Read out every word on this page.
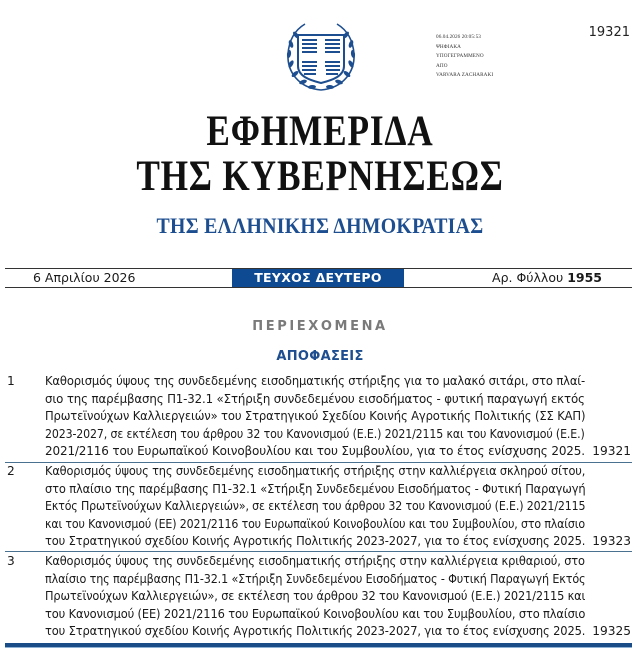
06.04.2026 20:05:53
ΨΗΦΙΑΚΑ
ΥΠΟΓΕΓΡΑΜΜΕΝΟ
ΑΠΟ
VARVARA ZACHARAKI
19321
ΕΦΗΜΕΡΙΔΑ
ΤΗΣ ΚΥΒΕΡΝΗΣΕΩΣ
ΤΗΣ ΕΛΛΗΝΙΚΗΣ ΔΗΜΟΚΡΑΤΙΑΣ
6 Απριλίου 2026	ΤΕΥΧΟΣ ΔΕΥΤΕΡΟ	Αρ. Φύλλου 1955
ΠΕΡΙΕΧΟΜΕΝΑ
ΑΠΟΦΑΣΕΙΣ
1 Καθορισμός ύψους της συνδεδεμένης εισοδηματικής στήριξης για το μαλακό σιτάρι, στο πλαί-
σιο της παρέμβασης Π1-32.1 «Στήριξη συνδεδεμένου εισοδήματος - φυτική παραγωγή εκτός
Πρωτεϊνούχων Καλλιεργειών» του Στρατηγικού Σχεδίου Κοινής Αγροτικής Πολιτικής (ΣΣ ΚΑΠ)
2023-2027, σε εκτέλεση του άρθρου 32 του Κανονισμού (Ε.Ε.) 2021/2115 και του Κανονισμού (Ε.Ε.)
2021/2116 του Ευρωπαϊκού Κοινοβουλίου και του Συμβουλίου, για το έτος ενίσχυσης 2025. 19321
2 Καθορισμός ύψους της συνδεδεμένης εισοδηματικής στήριξης στην καλλιέργεια σκληρού σίτου,
στο πλαίσιο της παρέμβασης Π1-32.1 «Στήριξη Συνδεδεμένου Εισοδήματος - Φυτική Παραγωγή
Εκτός Πρωτεϊνούχων Καλλιεργειών», σε εκτέλεση του άρθρου 32 του Κανονισμού (Ε.Ε.) 2021/2115
και του Κανονισμού (ΕΕ) 2021/2116 του Ευρωπαϊκού Κοινοβουλίου και του Συμβουλίου, στο πλαίσιο
του Στρατηγικού σχεδίου Κοινής Αγροτικής Πολιτικής 2023-2027, για το έτος ενίσχυσης 2025. 19323
3 Καθορισμός ύψους της συνδεδεμένης εισοδηματικής στήριξης στην καλλιέργεια κριθαριού, στο
πλαίσιο της παρέμβασης Π1-32.1 «Στήριξη Συνδεδεμένου Εισοδήματος - Φυτική Παραγωγή Εκτός
Πρωτεϊνούχων Καλλιεργειών», σε εκτέλεση του άρθρου 32 του Κανονισμού (Ε.Ε.) 2021/2115 και
του Κανονισμού (ΕΕ) 2021/2116 του Ευρωπαϊκού Κοινοβουλίου και του Συμβουλίου, στο πλαίσιο
του Στρατηγικού σχεδίου Κοινής Αγροτικής Πολιτικής 2023-2027, για το έτος ενίσχυσης 2025. 19325
